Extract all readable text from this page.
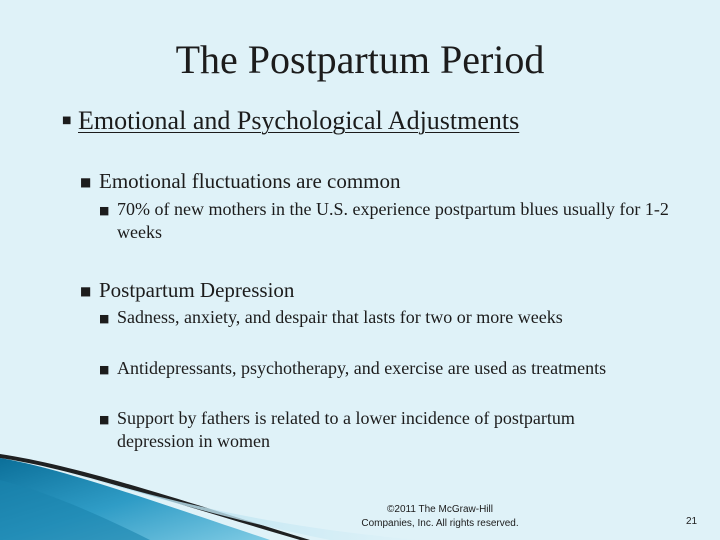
The Postpartum Period
■ Emotional and Psychological Adjustments
■ Emotional fluctuations are common
■ 70% of new mothers in the U.S. experience postpartum blues usually for 1-2 weeks
■ Postpartum Depression
■ Sadness, anxiety, and despair that lasts for two or more weeks
■ Antidepressants, psychotherapy, and exercise are used as treatments
■ Support by fathers is related to a lower incidence of postpartum depression in women
©2011 The McGraw-Hill
Companies, Inc. All rights reserved.	21
